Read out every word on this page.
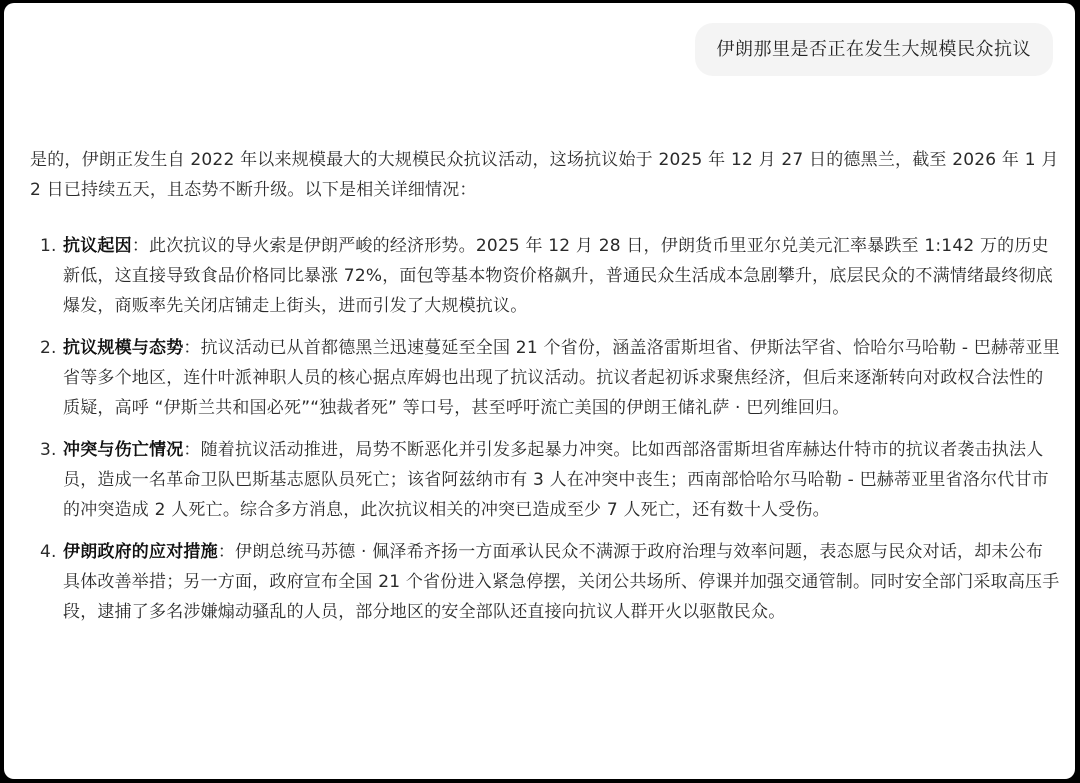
伊朗那里是否正在发生大规模民众抗议

是的，伊朗正发生自 2022 年以来规模最大的大规模民众抗议活动，这场抗议始于 2025 年 12 月 27 日的德黑兰，截至 2026 年 1 月 2 日已持续五天，且态势不断升级。以下是相关详细情况：

1. 抗议起因：此次抗议的导火索是伊朗严峻的经济形势。2025 年 12 月 28 日，伊朗货币里亚尔兑美元汇率暴跌至 1:142 万的历史新低，这直接导致食品价格同比暴涨 72%，面包等基本物资价格飙升，普通民众生活成本急剧攀升，底层民众的不满情绪最终彻底爆发，商贩率先关闭店铺走上街头，进而引发了大规模抗议。
2. 抗议规模与态势：抗议活动已从首都德黑兰迅速蔓延至全国 21 个省份，涵盖洛雷斯坦省、伊斯法罕省、恰哈尔马哈勒 - 巴赫蒂亚里省等多个地区，连什叶派神职人员的核心据点库姆也出现了抗议活动。抗议者起初诉求聚焦经济，但后来逐渐转向对政权合法性的质疑，高呼 “伊斯兰共和国必死”“独裁者死” 等口号，甚至呼吁流亡美国的伊朗王储礼萨 · 巴列维回归。
3. 冲突与伤亡情况：随着抗议活动推进，局势不断恶化并引发多起暴力冲突。比如西部洛雷斯坦省库赫达什特市的抗议者袭击执法人员，造成一名革命卫队巴斯基志愿队员死亡；该省阿兹纳市有 3 人在冲突中丧生；西南部恰哈尔马哈勒 - 巴赫蒂亚里省洛尔代甘市的冲突造成 2 人死亡。综合多方消息，此次抗议相关的冲突已造成至少 7 人死亡，还有数十人受伤。
4. 伊朗政府的应对措施：伊朗总统马苏德 · 佩泽希齐扬一方面承认民众不满源于政府治理与效率问题，表态愿与民众对话，却未公布具体改善举措；另一方面，政府宣布全国 21 个省份进入紧急停摆，关闭公共场所、停课并加强交通管制。同时安全部门采取高压手段，逮捕了多名涉嫌煽动骚乱的人员，部分地区的安全部队还直接向抗议人群开火以驱散民众。
